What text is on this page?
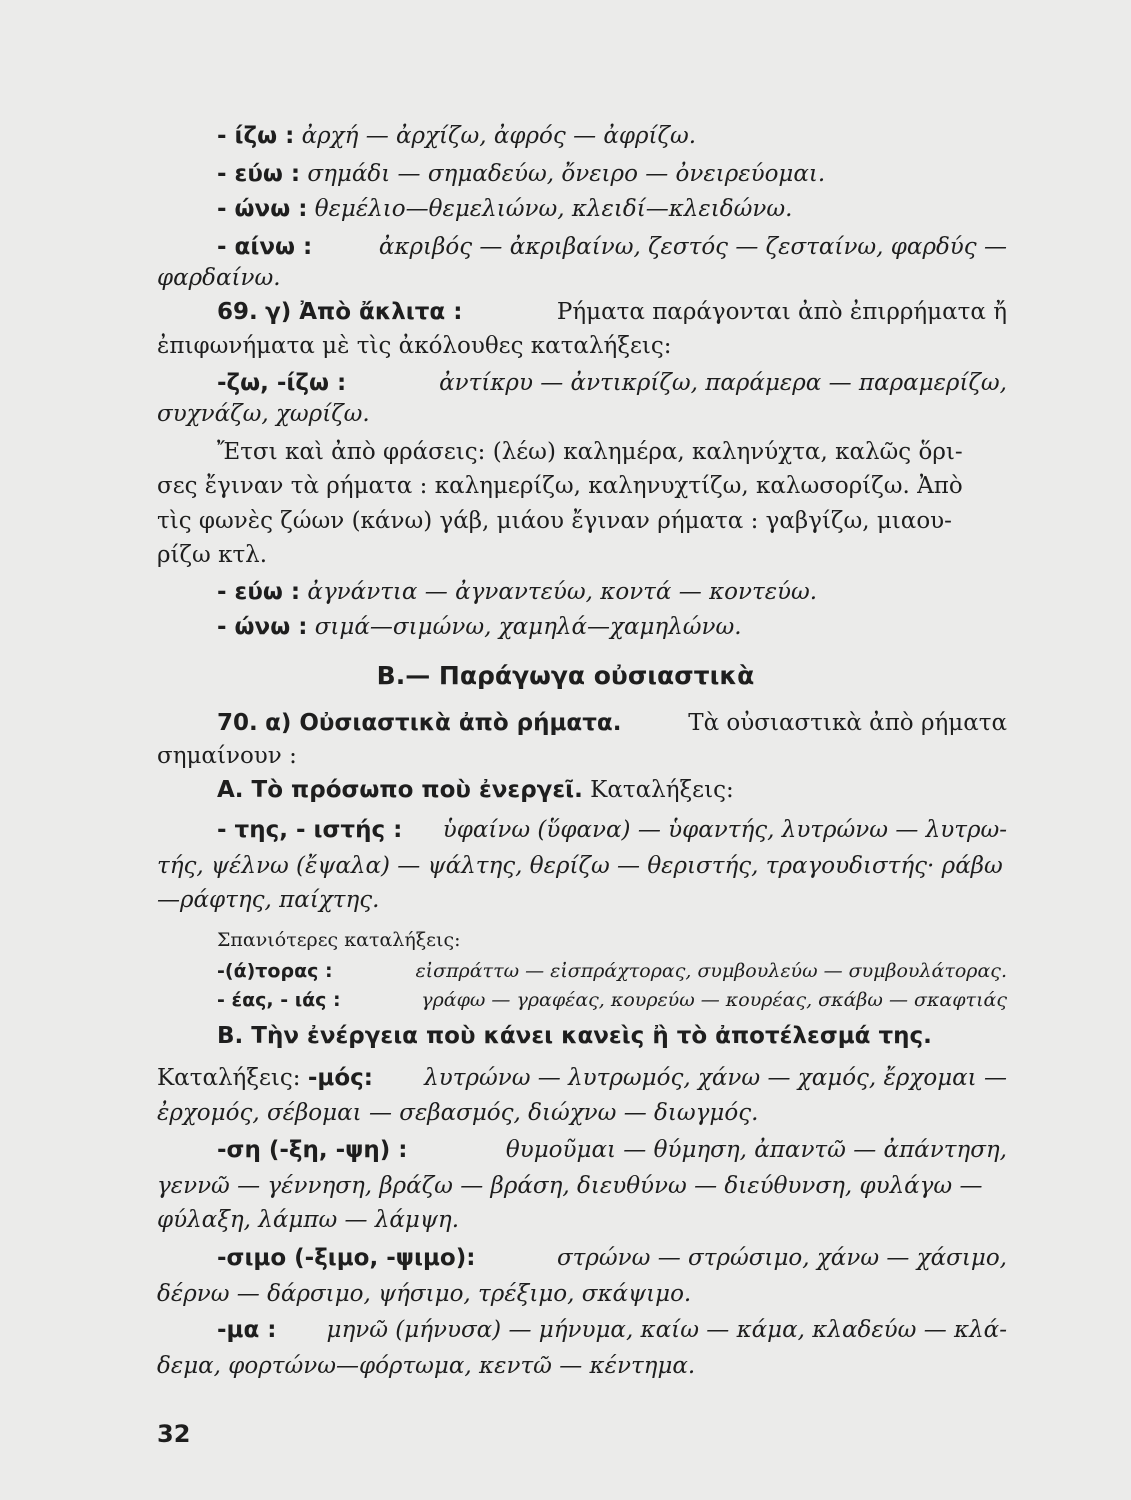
- ίζω : ἀρχή — ἀρχίζω, ἀφρός — ἀφρίζω.
- εύω : σημάδι — σημαδεύω, ὄνειρο — ὀνειρεύομαι.
- ώνω : θεμέλιο—θεμελιώνω, κλειδί—κλειδώνω.
- αίνω :	ἀκριβός — ἀκριβαίνω, ζεστός — ζεσταίνω, φαρδύς —
φαρδαίνω.
69. γ) Ἀπὸ ἄκλιτα :	Ρήματα παράγονται ἀπὸ ἐπιρρήματα ἤ
ἐπιφωνήματα μὲ τὶς ἀκόλουθες καταλήξεις:
-ζω, -ίζω :	ἀντίκρυ — ἀντικρίζω, παράμερα — παραμερίζω,
συχνάζω, χωρίζω.
Ἔτσι καὶ ἀπὸ φράσεις: (λέω) καλημέρα, καληνύχτα, καλῶς ὅρι-
σες ἔγιναν τὰ ρήματα : καλημερίζω, καληνυχτίζω, καλωσορίζω. Ἀπὸ
τὶς φωνὲς ζώων (κάνω) γάβ, μιάου ἔγιναν ρήματα : γαβγίζω, μιαου-
ρίζω κτλ.
- εύω : ἀγνάντια — ἀγναντεύω, κοντά — κοντεύω.
- ώνω : σιμά—σιμώνω, χαμηλά—χαμηλώνω.
Β.— Παράγωγα οὐσιαστικὰ
70. α) Οὐσιαστικὰ ἀπὸ ρήματα.	Τὰ οὐσιαστικὰ ἀπὸ ρήματα
σημαίνουν :
Α. Τὸ πρόσωπο ποὺ ἐνεργεῖ. Καταλήξεις:
- της, - ιστής : ὑφαίνω (ὕφανα) — ὑφαντής, λυτρώνω — λυτρω-
τής, ψέλνω (ἔψαλα) — ψάλτης, θερίζω — θεριστής, τραγουδιστής· ράβω
—ράφτης, παίχτης.
Σπανιότερες καταλήξεις:
-(ά)τορας :	εἰσπράττω — εἰσπράχτορας, συμβουλεύω — συμβουλάτορας.
- έας, - ιάς :	γράφω — γραφέας, κουρεύω — κουρέας, σκάβω — σκαφτιάς
Β. Τὴν ἐνέργεια ποὺ κάνει κανεὶς ἢ τὸ ἀποτέλεσμά της.
Καταλήξεις: -μός: λυτρώνω — λυτρωμός, χάνω — χαμός, ἔρχομαι —
ἐρχομός, σέβομαι — σεβασμός, διώχνω — διωγμός.
-ση (-ξη, -ψη) :	θυμοῦμαι — θύμηση, ἀπαντῶ — ἀπάντηση,
γεννῶ — γέννηση, βράζω — βράση, διευθύνω — διεύθυνση, φυλάγω —
φύλαξη, λάμπω — λάμψη.
-σιμο (-ξιμο, -ψιμο):	στρώνω — στρώσιμο, χάνω — χάσιμο,
δέρνω — δάρσιμο, ψήσιμο, τρέξιμο, σκάψιμο.
-μα : μηνῶ (μήνυσα) — μήνυμα, καίω — κάμα, κλαδεύω — κλά-
δεμα, φορτώνω—φόρτωμα, κεντῶ — κέντημα.
32
